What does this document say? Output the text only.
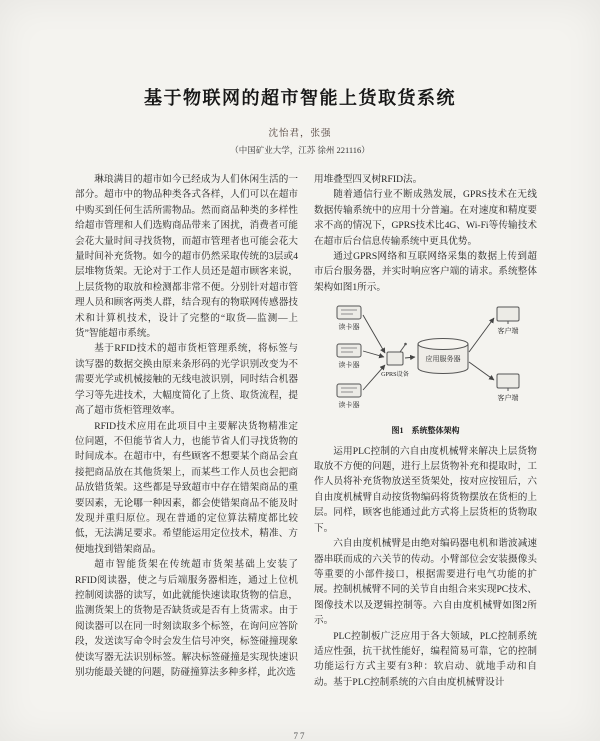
基于物联网的超市智能上货取货系统
沈怡君，张强
（中国矿业大学，江苏 徐州 221116）

琳琅满目的超市如今已经成为人们休闲生活的一部分。超市中的物品种类各式各样，人们可以在超市中购买到任何生活所需物品。然而商品种类的多样性给超市管理和人们选购商品带来了困扰，消费者可能会花大量时间寻找货物，而超市管理者也可能会花大量时间补充货物。如今的超市仍然采取传统的3层或4层堆物货架。无论对于工作人员还是超市顾客来说，上层货物的取放和检测都非常不便。分别针对超市管理人员和顾客两类人群，结合现有的物联网传感器技术和计算机技术，设计了完整的“取货—监测—上货”智能超市系统。

基于RFID技术的超市货柜管理系统，将标签与读写器的数据交换由原来条形码的光学识别改变为不需要光学或机械接触的无线电波识别，同时结合机器学习等先进技术，大幅度简化了上货、取货流程，提高了超市货柜管理效率。

RFID技术应用在此项目中主要解决货物精准定位问题，不但能节省人力，也能节省人们寻找货物的时间成本。在超市中，有些顾客不想要某个商品会直接把商品放在其他货架上，而某些工作人员也会把商品放错货架。这些都是导致超市中存在错架商品的重要因素，无论哪一种因素，都会使错架商品不能及时发现并重归原位。现在普通的定位算法精度都比较低，无法满足要求。希望能运用定位技术，精准、方便地找到错架商品。

超市智能货架在传统超市货架基础上安装了RFID阅读器，使之与后端服务器相连，通过上位机控制阅读器的读写，如此就能快速读取货物的信息，监测货架上的货物是否缺货或是否有上货需求。由于阅读器可以在同一时刻读取多个标签，在询问应答阶段，发送读写命令时会发生信号冲突，标签碰撞现象使读写器无法识别标签。解决标签碰撞是实现快速识别功能最关键的问题，防碰撞算法多种多样，此次选

用堆叠型四叉树RFID法。

随着通信行业不断成熟发展，GPRS技术在无线数据传输系统中的应用十分普遍。在对速度和精度要求不高的情况下，GPRS技术比4G、Wi-Fi等传输技术在超市后台信息传输系统中更具优势。

通过GPRS网络和互联网络采集的数据上传到超市后台服务器，并实时响应客户端的请求。系统整体架构如图1所示。

读卡器
读卡器
读卡器
GPRS设备
应用服务器
客户端
客户端
图1　系统整体架构

运用PLC控制的六自由度机械臂来解决上层货物取放不方便的问题，进行上层货物补充和提取时，工作人员将补充货物放送至货架处，按对应按钮后，六自由度机械臂自动按货物编码将货物摆放在货柜的上层。同样，顾客也能通过此方式将上层货柜的货物取下。

六自由度机械臂是由绝对编码器电机和谐波减速器串联而成的六关节的传动。小臂部位会安装摄像头等重要的小部件接口，根据需要进行电气功能的扩展。控制机械臂不同的关节自由组合来实现PC技术、图像技术以及逻辑控制等。六自由度机械臂如图2所示。

PLC控制板广泛应用于各大领域，PLC控制系统适应性强，抗干扰性能好，编程简易可靠，它的控制功能运行方式主要有3种：软启动、就地手动和自动。基于PLC控制系统的六自由度机械臂设计

77
